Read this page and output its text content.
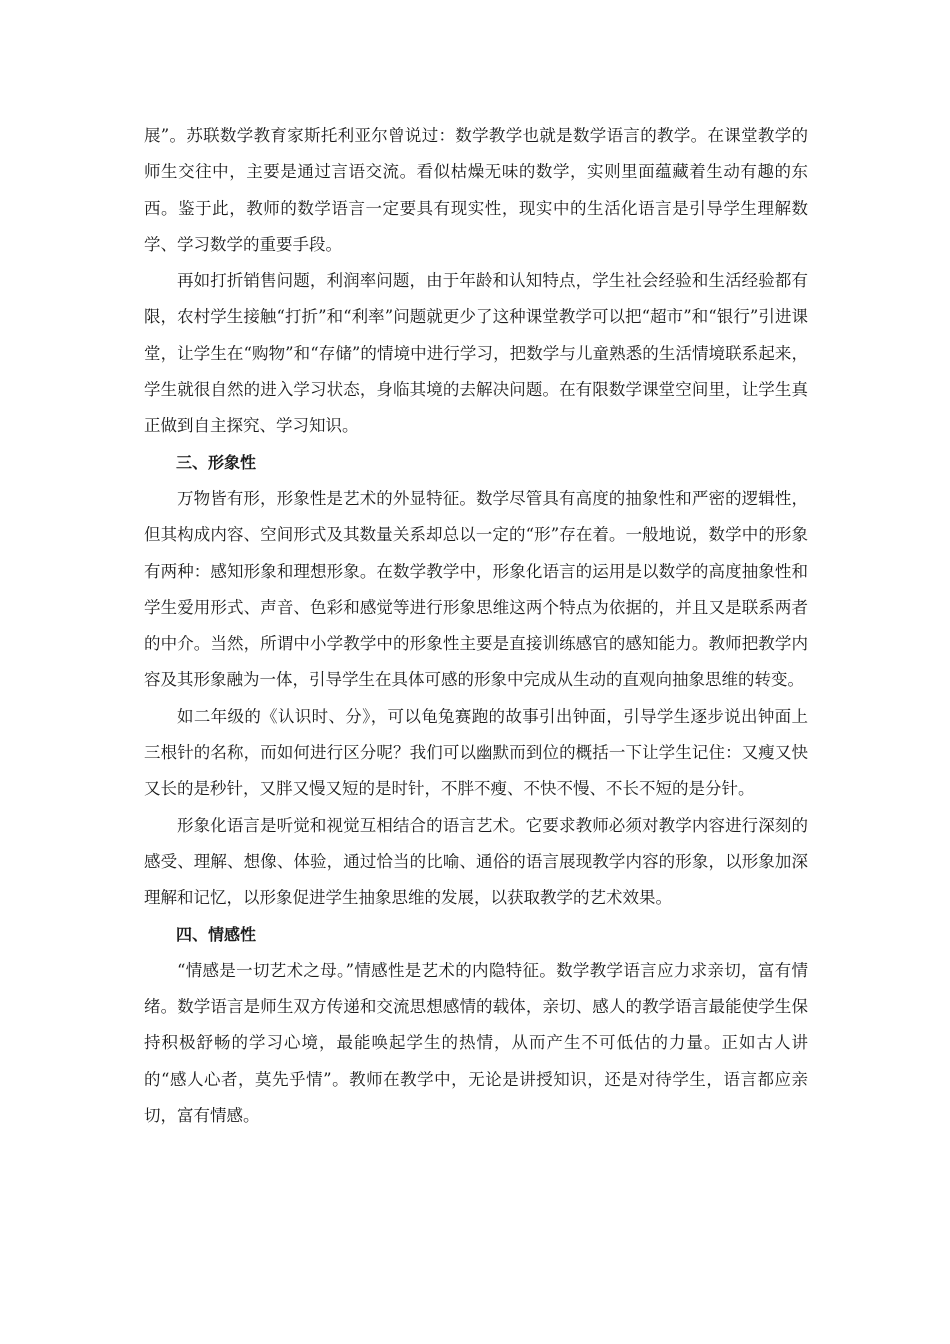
展”。苏联数学教育家斯托利亚尔曾说过：数学教学也就是数学语言的教学。在课堂教学的师生交往中，主要是通过言语交流。看似枯燥无味的数学，实则里面蕴藏着生动有趣的东西。鉴于此，教师的数学语言一定要具有现实性，现实中的生活化语言是引导学生理解数学、学习数学的重要手段。

再如打折销售问题，利润率问题，由于年龄和认知特点，学生社会经验和生活经验都有限，农村学生接触“打折”和“利率”问题就更少了这种课堂教学可以把“超市”和“银行”引进课堂，让学生在“购物”和“存储”的情境中进行学习，把数学与儿童熟悉的生活情境联系起来，学生就很自然的进入学习状态，身临其境的去解决问题。在有限数学课堂空间里，让学生真正做到自主探究、学习知识。

三、形象性

万物皆有形，形象性是艺术的外显特征。数学尽管具有高度的抽象性和严密的逻辑性，但其构成内容、空间形式及其数量关系却总以一定的“形”存在着。一般地说，数学中的形象有两种：感知形象和理想形象。在数学教学中，形象化语言的运用是以数学的高度抽象性和学生爱用形式、声音、色彩和感觉等进行形象思维这两个特点为依据的，并且又是联系两者的中介。当然，所谓中小学教学中的形象性主要是直接训练感官的感知能力。教师把教学内容及其形象融为一体，引导学生在具体可感的形象中完成从生动的直观向抽象思维的转变。

如二年级的《认识时、分》，可以龟兔赛跑的故事引出钟面，引导学生逐步说出钟面上三根针的名称，而如何进行区分呢？我们可以幽默而到位的概括一下让学生记住：又瘦又快又长的是秒针，又胖又慢又短的是时针，不胖不瘦、不快不慢、不长不短的是分针。

形象化语言是听觉和视觉互相结合的语言艺术。它要求教师必须对教学内容进行深刻的感受、理解、想像、体验，通过恰当的比喻、通俗的语言展现教学内容的形象，以形象加深理解和记忆，以形象促进学生抽象思维的发展，以获取教学的艺术效果。

四、情感性

“情感是一切艺术之母。”情感性是艺术的内隐特征。数学教学语言应力求亲切，富有情绪。数学语言是师生双方传递和交流思想感情的载体，亲切、感人的教学语言最能使学生保持积极舒畅的学习心境，最能唤起学生的热情，从而产生不可低估的力量。正如古人讲的“感人心者，莫先乎情”。教师在教学中，无论是讲授知识，还是对待学生，语言都应亲切，富有情感。
